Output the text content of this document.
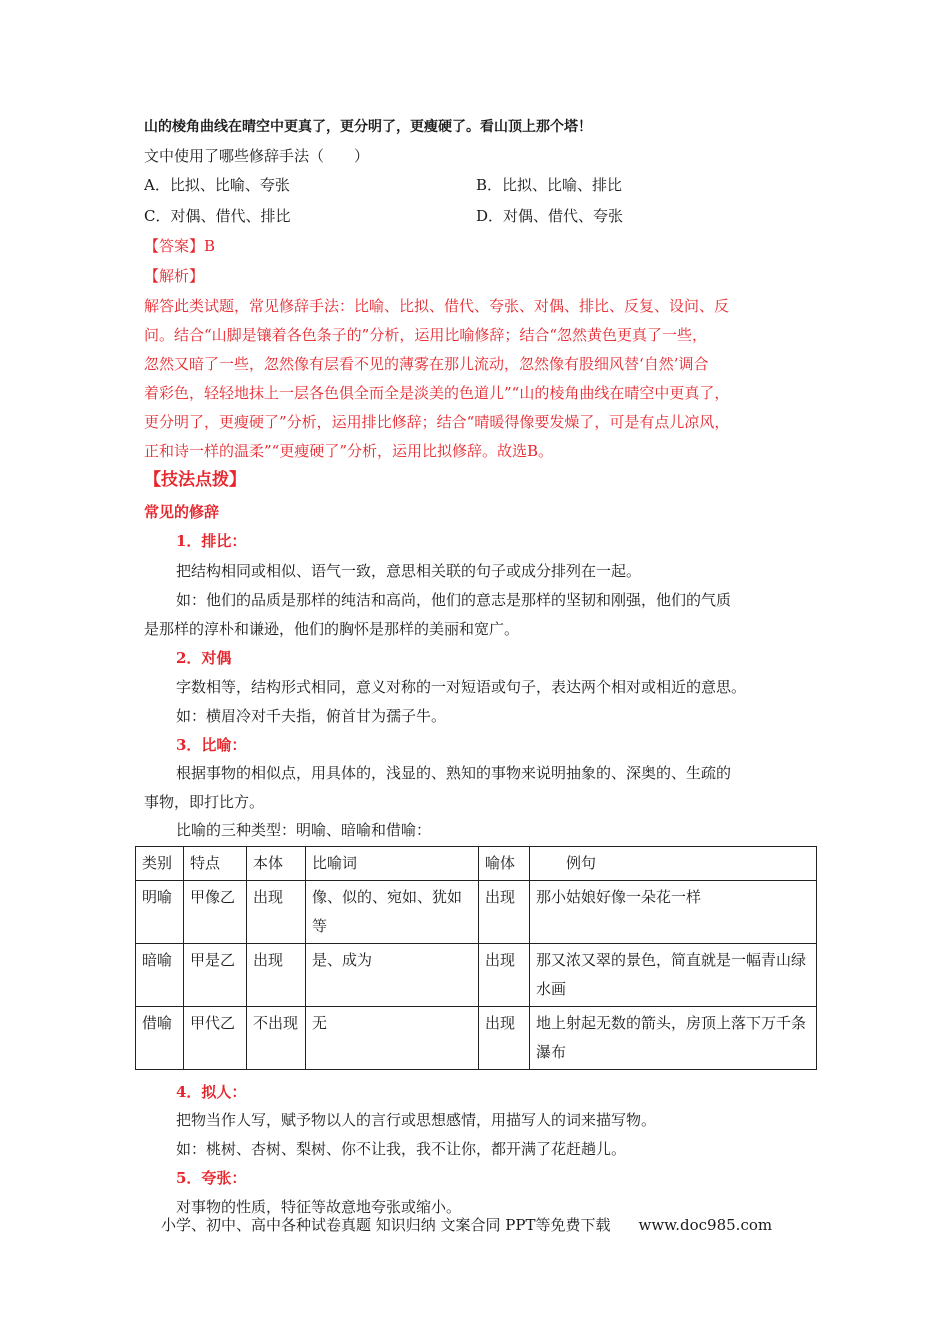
山的棱角曲线在晴空中更真了，更分明了，更瘦硬了。看山顶上那个塔！
文中使用了哪些修辞手法（　　）
A．比拟、比喻、夸张	B．比拟、比喻、排比
C．对偶、借代、排比	D．对偶、借代、夸张
【答案】B
【解析】
解答此类试题，常见修辞手法：比喻、比拟、借代、夸张、对偶、排比、反复、设问、反
问。结合“山脚是镶着各色条子的”分析，运用比喻修辞；结合“忽然黄色更真了一些，
忽然又暗了一些，忽然像有层看不见的薄雾在那儿流动，忽然像有股细风替‘自然’调合
着彩色，轻轻地抹上一层各色俱全而全是淡美的色道儿”“山的棱角曲线在晴空中更真了，
更分明了，更瘦硬了”分析，运用排比修辞；结合“晴暖得像要发燥了，可是有点儿凉风，
正和诗一样的温柔”“更瘦硬了”分析，运用比拟修辞。故选B。
【技法点拨】
常见的修辞
1．排比：
把结构相同或相似、语气一致，意思相关联的句子或成分排列在一起。
如：他们的品质是那样的纯洁和高尚，他们的意志是那样的坚韧和刚强，他们的气质
是那样的淳朴和谦逊，他们的胸怀是那样的美丽和宽广。
2．对偶
字数相等，结构形式相同，意义对称的一对短语或句子，表达两个相对或相近的意思。
如：横眉冷对千夫指，俯首甘为孺子牛。
3．比喻：
根据事物的相似点，用具体的，浅显的、熟知的事物来说明抽象的、深奥的、生疏的
事物，即打比方。
比喻的三种类型：明喻、暗喻和借喻：
类别	特点	本体	比喻词	喻体	例句
明喻	甲像乙	出现	像、似的、宛如、犹如等	出现	那小姑娘好像一朵花一样
暗喻	甲是乙	出现	是、成为	出现	那又浓又翠的景色，简直就是一幅青山绿水画
借喻	甲代乙	不出现	无	出现	地上射起无数的箭头，房顶上落下万千条瀑布
4．拟人：
把物当作人写，赋予物以人的言行或思想感情，用描写人的词来描写物。
如：桃树、杏树、梨树、你不让我，我不让你，都开满了花赶趟儿。
5．夸张：
对事物的性质，特征等故意地夸张或缩小。
小学、初中、高中各种试卷真题 知识归纳 文案合同 PPT等免费下载 www.doc985.com
